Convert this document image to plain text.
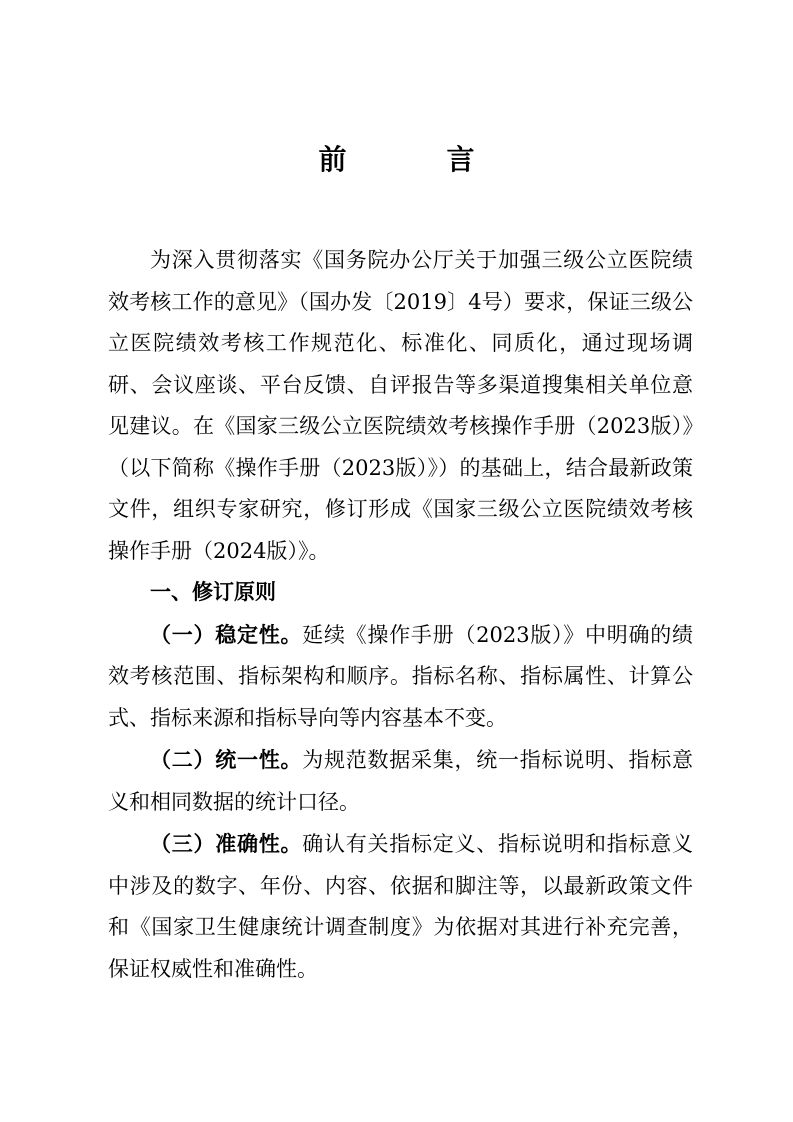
前　言

为深入贯彻落实《国务院办公厅关于加强三级公立医院绩效考核工作的意见》（国办发〔2019〕4号）要求，保证三级公立医院绩效考核工作规范化、标准化、同质化，通过现场调研、会议座谈、平台反馈、自评报告等多渠道搜集相关单位意见建议。在《国家三级公立医院绩效考核操作手册（2023版）》（以下简称《操作手册（2023版）》）的基础上，结合最新政策文件，组织专家研究，修订形成《国家三级公立医院绩效考核操作手册（2024版）》。

一、修订原则

（一）稳定性。延续《操作手册（2023版）》中明确的绩效考核范围、指标架构和顺序。指标名称、指标属性、计算公式、指标来源和指标导向等内容基本不变。

（二）统一性。为规范数据采集，统一指标说明、指标意义和相同数据的统计口径。

（三）准确性。确认有关指标定义、指标说明和指标意义中涉及的数字、年份、内容、依据和脚注等，以最新政策文件和《国家卫生健康统计调查制度》为依据对其进行补充完善，保证权威性和准确性。
